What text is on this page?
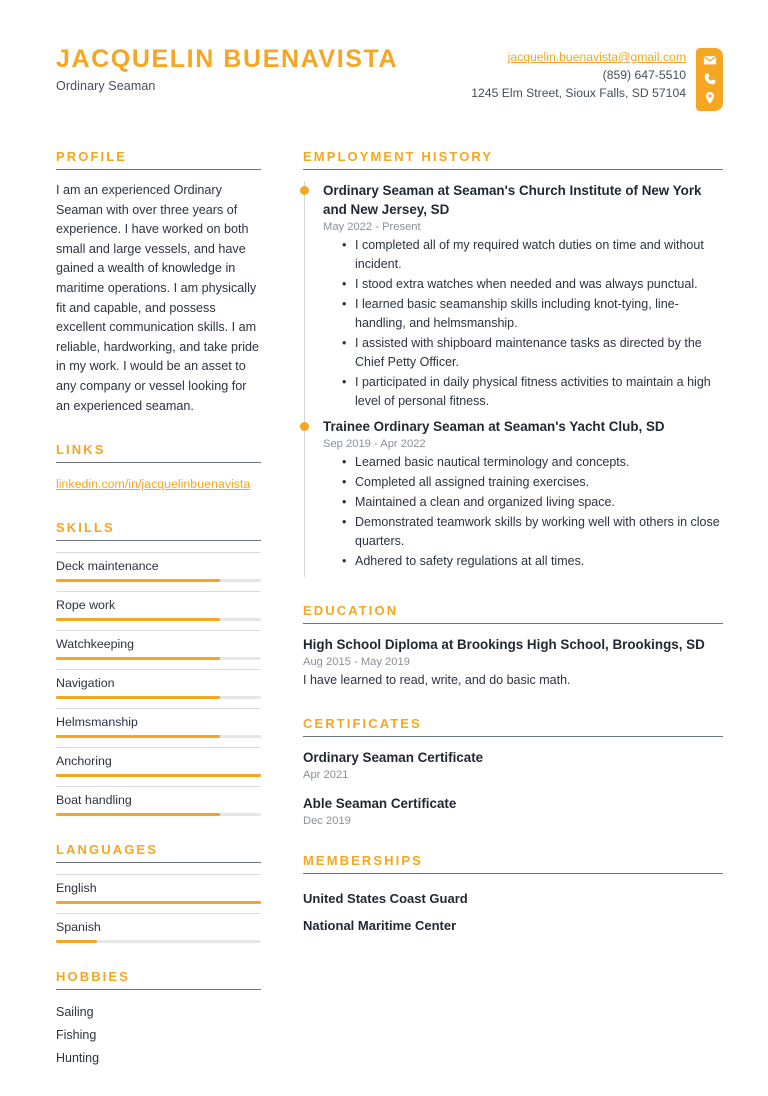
JACQUELIN BUENAVISTA
Ordinary Seaman
jacquelin.buenavista@gmail.com
(859) 647-5510
1245 Elm Street, Sioux Falls, SD 57104
PROFILE
I am an experienced Ordinary Seaman with over three years of experience. I have worked on both small and large vessels, and have gained a wealth of knowledge in maritime operations. I am physically fit and capable, and possess excellent communication skills. I am reliable, hardworking, and take pride in my work. I would be an asset to any company or vessel looking for an experienced seaman.
LINKS
linkedin.com/in/jacquelinbuenavista
SKILLS
Deck maintenance
Rope work
Watchkeeping
Navigation
Helmsmanship
Anchoring
Boat handling
LANGUAGES
English
Spanish
HOBBIES
Sailing
Fishing
Hunting
EMPLOYMENT HISTORY
Ordinary Seaman at Seaman's Church Institute of New York and New Jersey, SD
May 2022 - Present
• I completed all of my required watch duties on time and without incident.
• I stood extra watches when needed and was always punctual.
• I learned basic seamanship skills including knot-tying, line-handling, and helmsmanship.
• I assisted with shipboard maintenance tasks as directed by the Chief Petty Officer.
• I participated in daily physical fitness activities to maintain a high level of personal fitness.
Trainee Ordinary Seaman at Seaman's Yacht Club, SD
Sep 2019 - Apr 2022
• Learned basic nautical terminology and concepts.
• Completed all assigned training exercises.
• Maintained a clean and organized living space.
• Demonstrated teamwork skills by working well with others in close quarters.
• Adhered to safety regulations at all times.
EDUCATION
High School Diploma at Brookings High School, Brookings, SD
Aug 2015 - May 2019
I have learned to read, write, and do basic math.
CERTIFICATES
Ordinary Seaman Certificate
Apr 2021
Able Seaman Certificate
Dec 2019
MEMBERSHIPS
United States Coast Guard
National Maritime Center
